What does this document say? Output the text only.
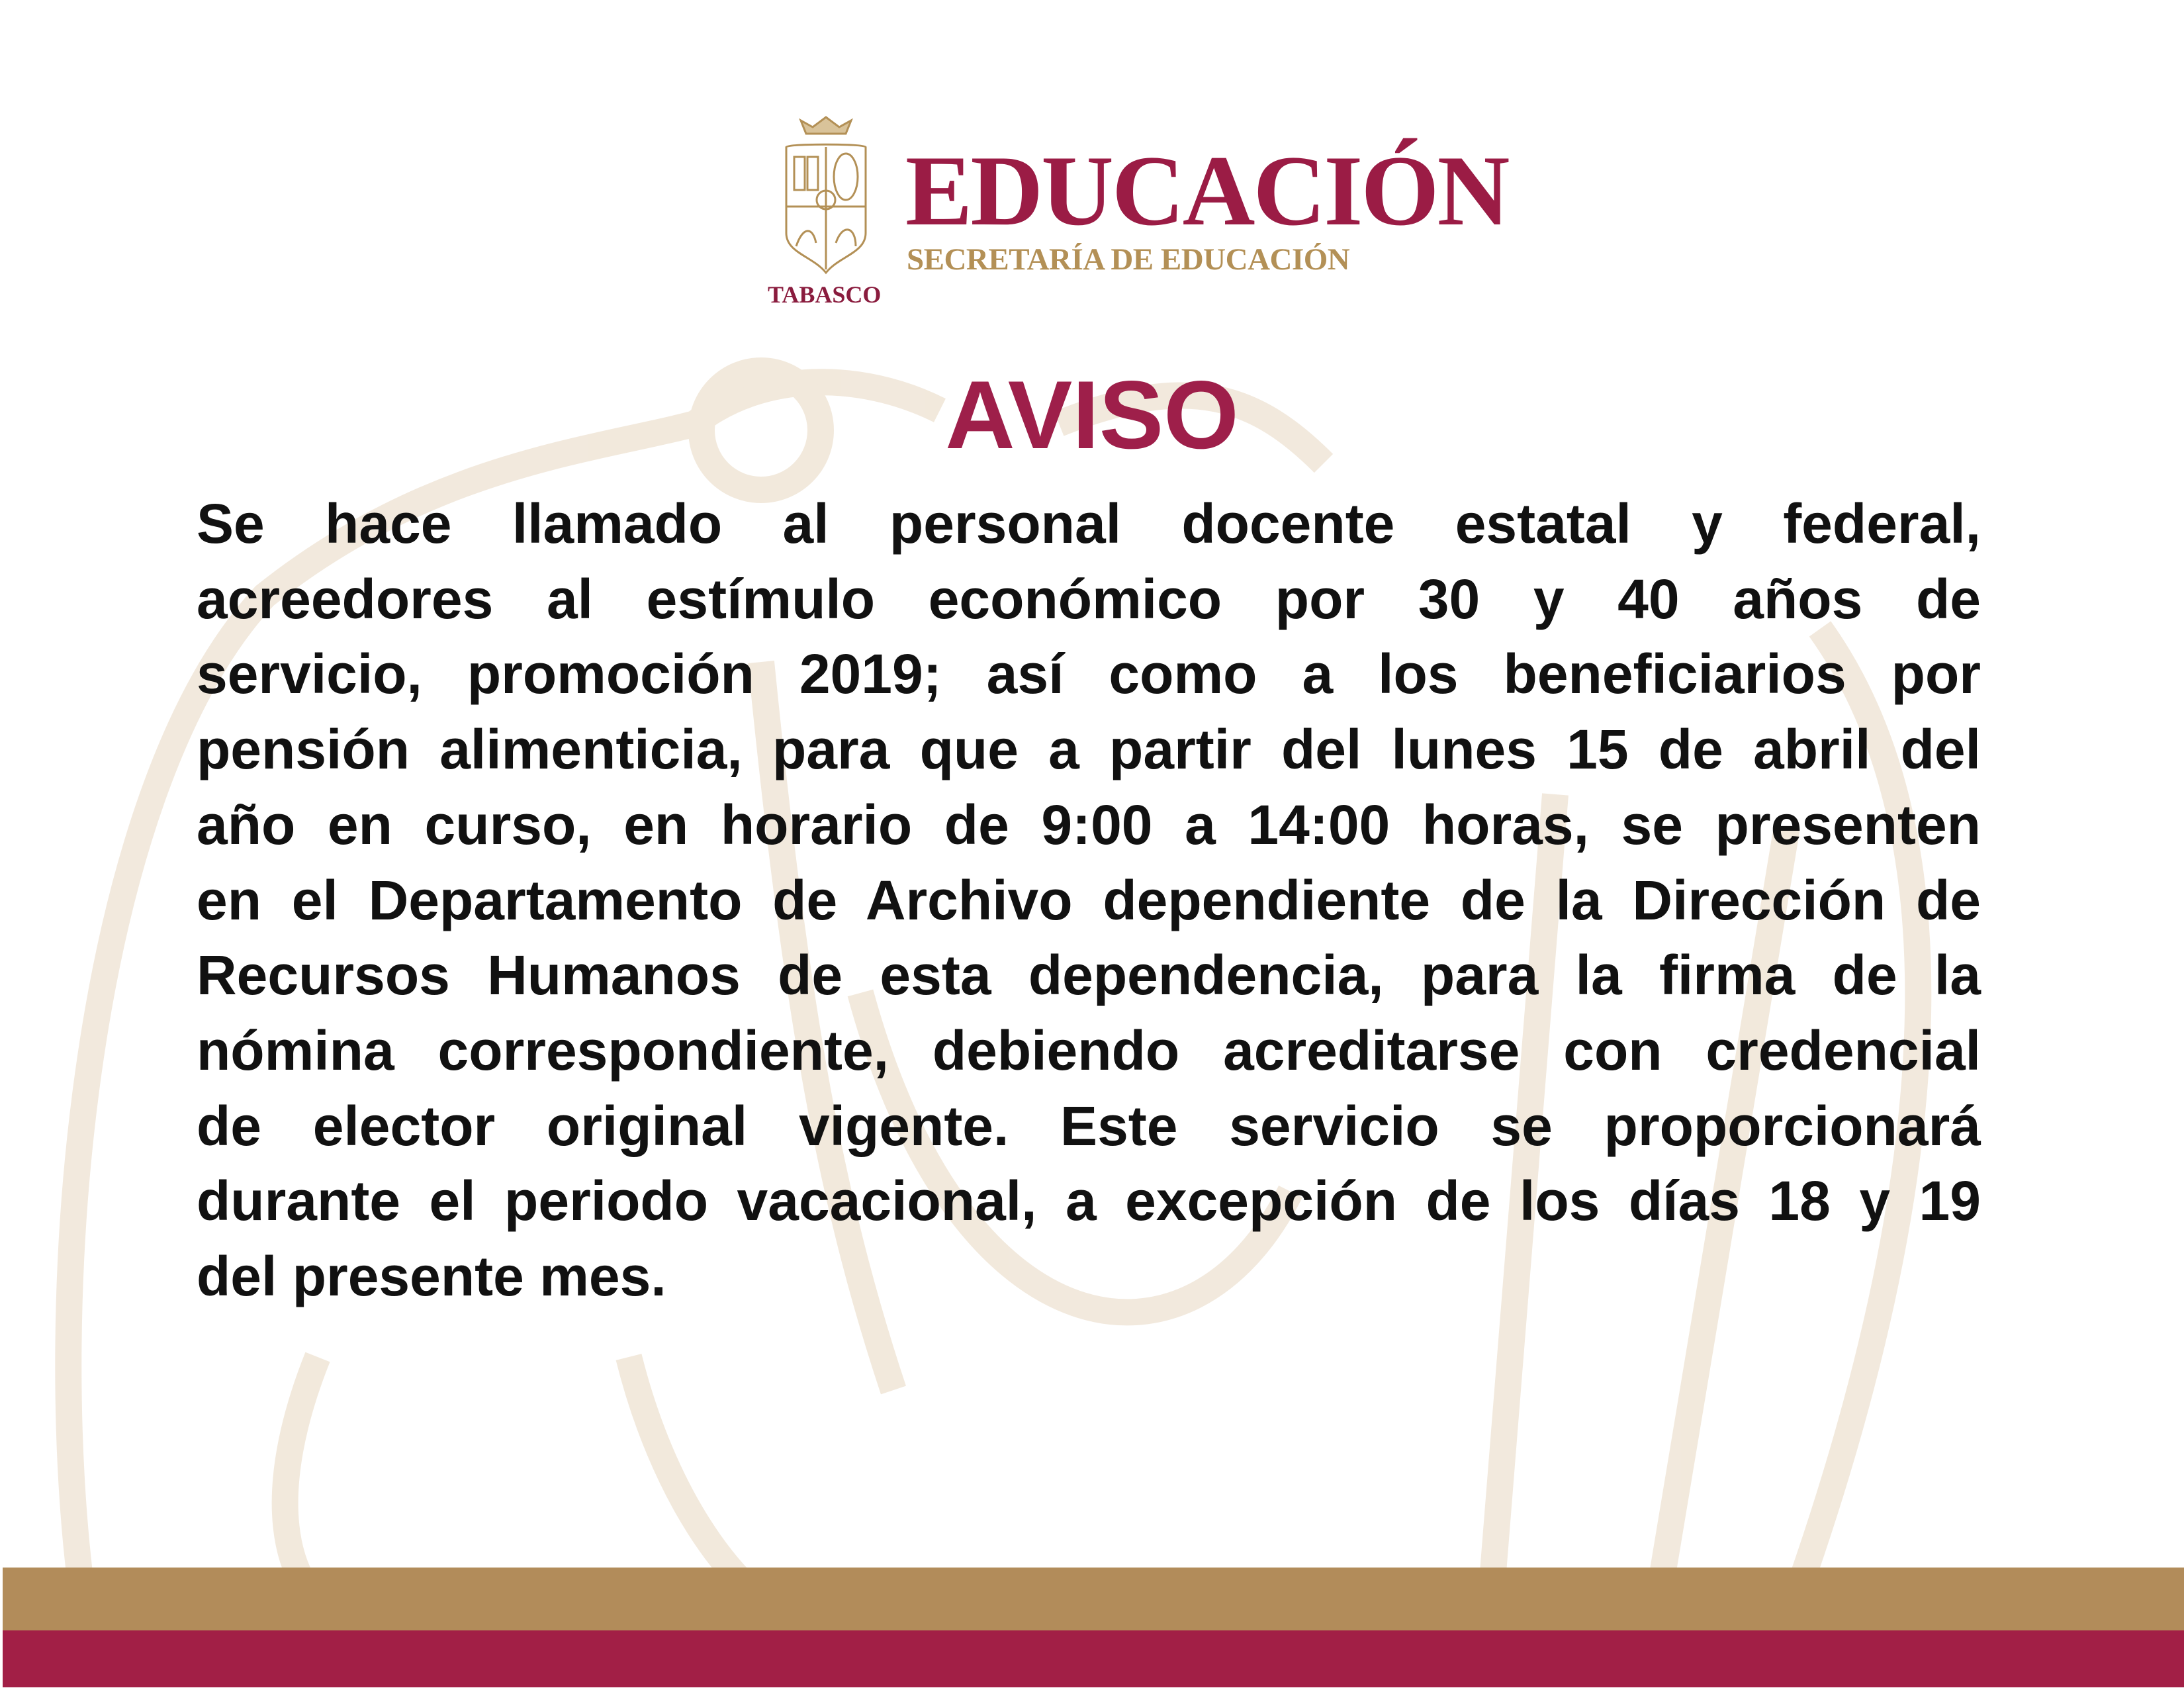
EDUCACIÓN
SECRETARÍA DE EDUCACIÓN
TABASCO
AVISO
Se hace llamado al personal docente estatal y federal,
acreedores al estímulo económico por 30 y 40 años de
servicio, promoción 2019; así como a los beneficiarios por
pensión alimenticia, para que a partir del lunes 15 de abril del
año en curso, en horario de 9:00 a 14:00 horas, se presenten
en el Departamento de Archivo dependiente de la Dirección de
Recursos Humanos de esta dependencia, para la firma de la
nómina correspondiente, debiendo acreditarse con credencial
de elector original vigente. Este servicio se proporcionará
durante el periodo vacacional, a excepción de los días 18 y 19
del presente mes.
